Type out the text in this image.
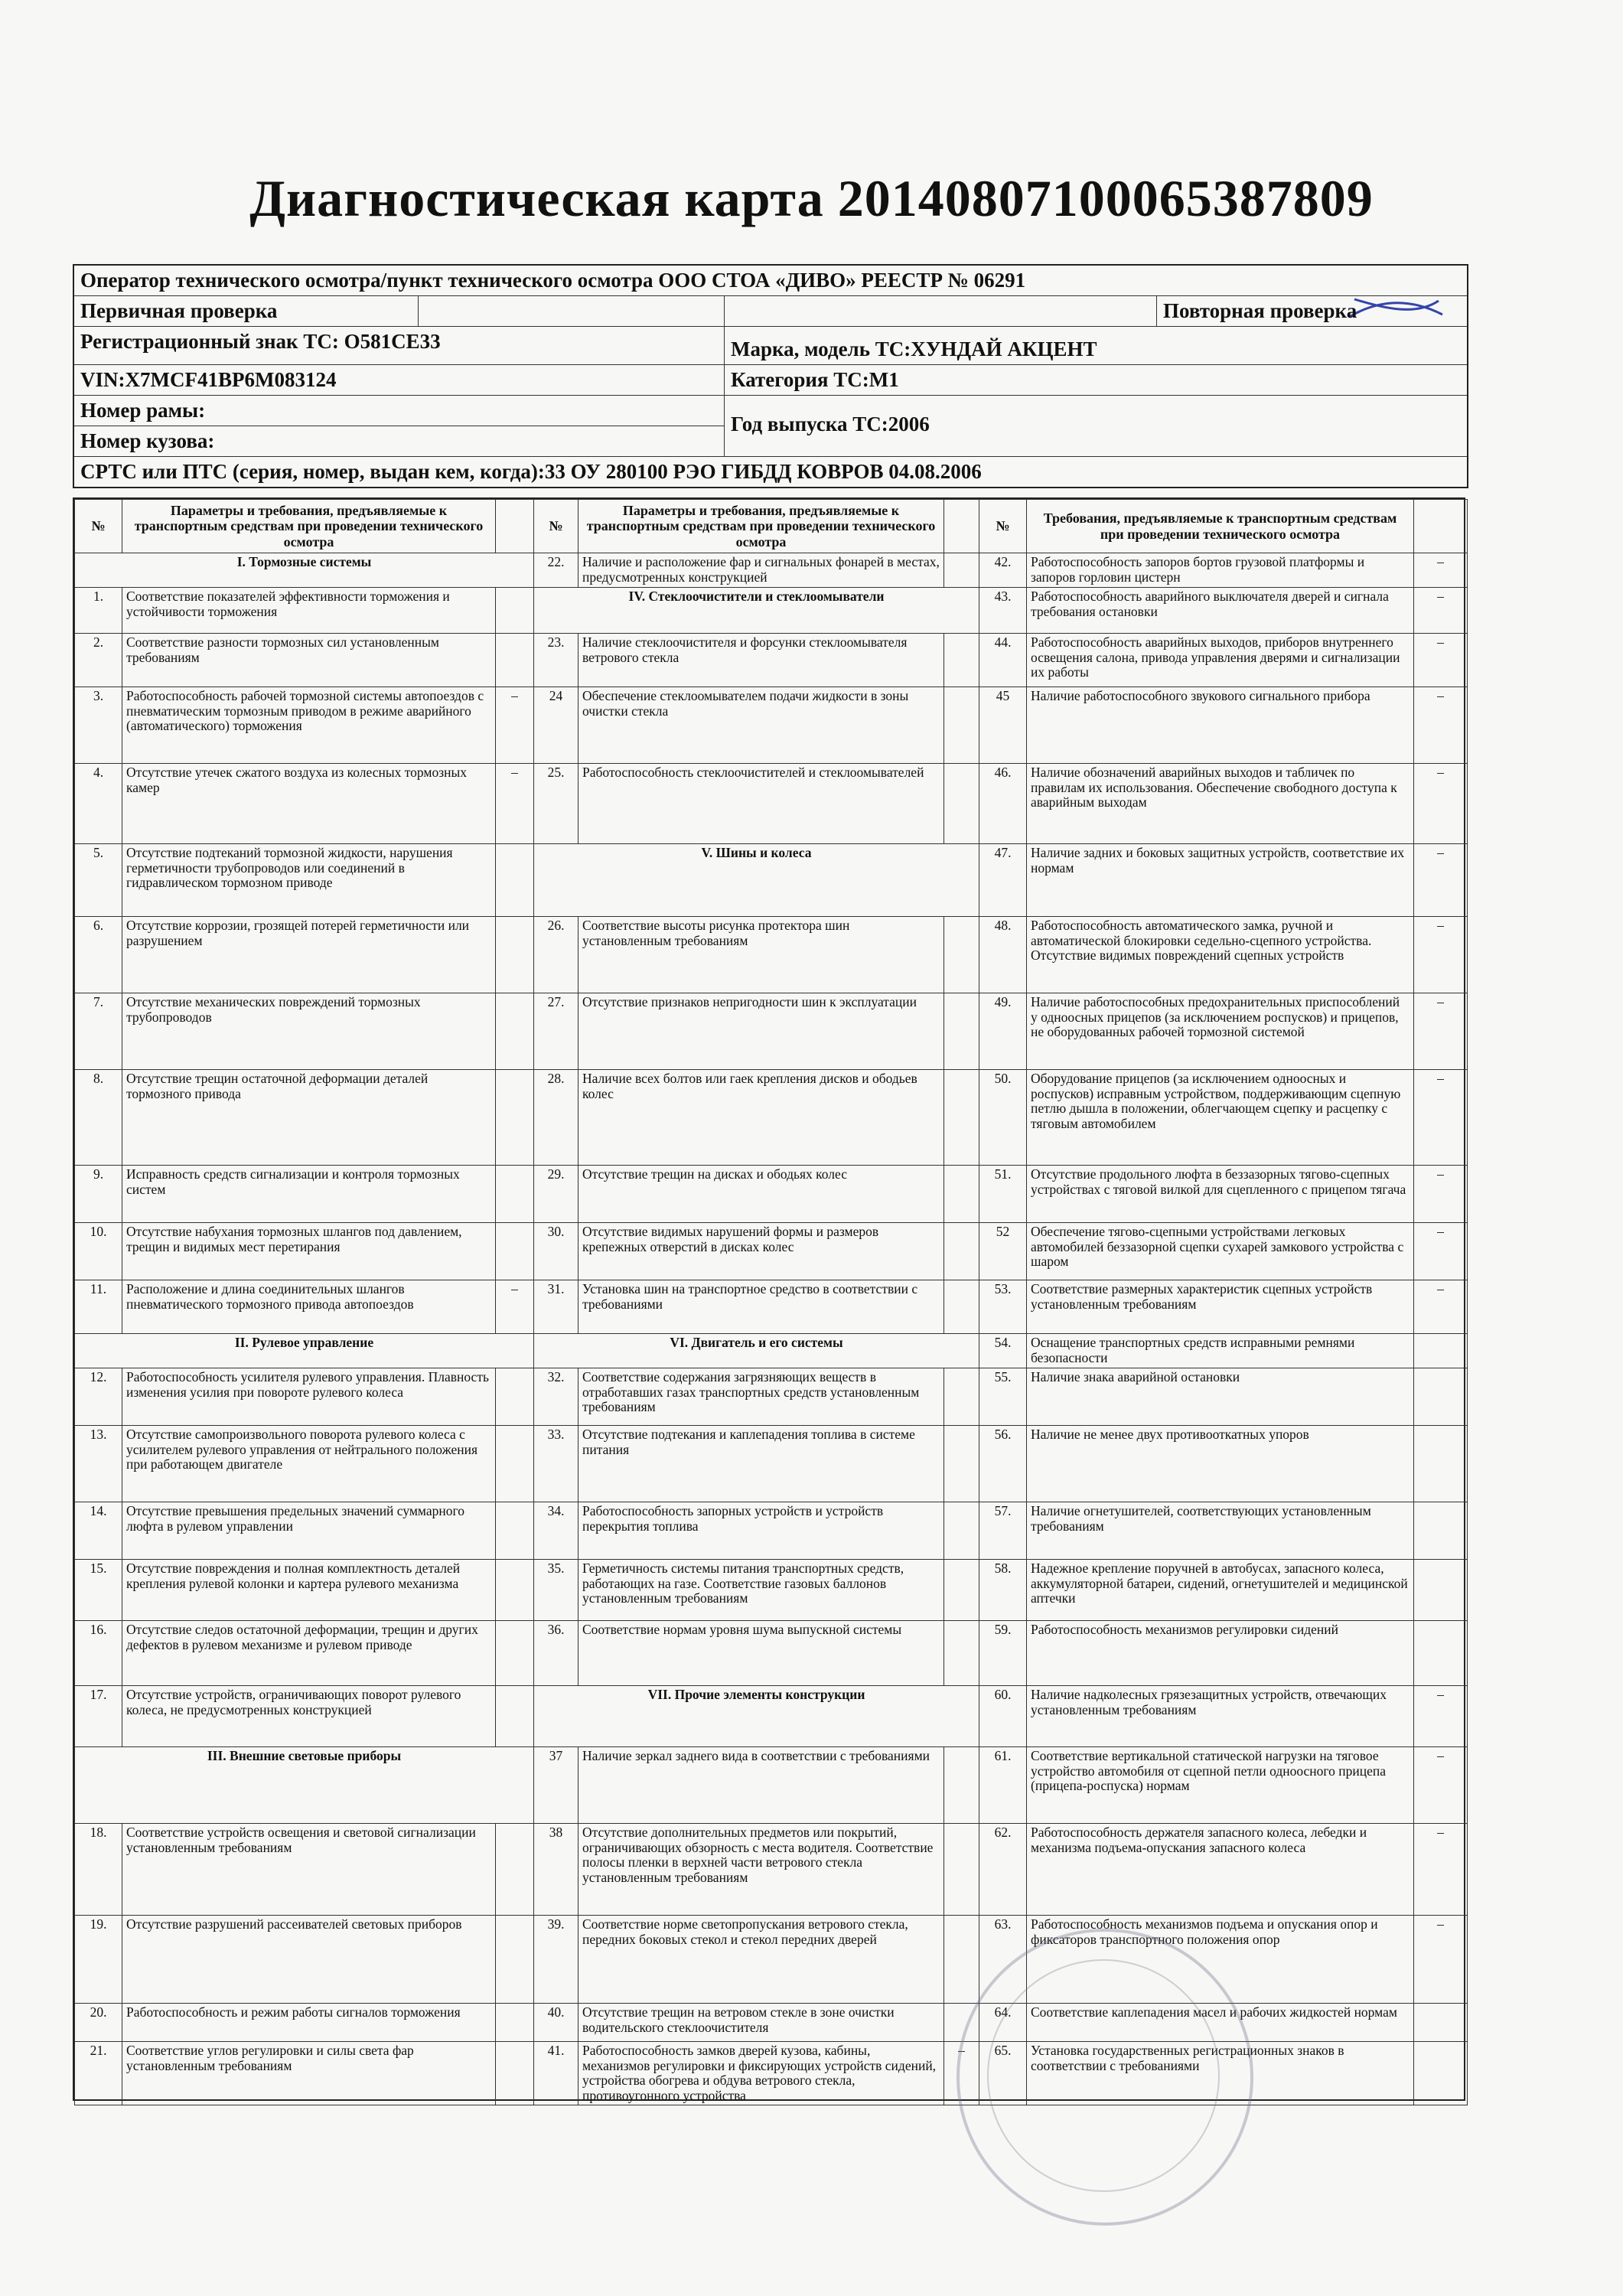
Диагностическая карта 20140807100065387809
Оператор технического осмотра/пункт технического осмотра ООО СТОА «ДИВО» РЕЕСТР № 06291
Первичная проверка	Повторная проверка
Регистрационный знак ТС: О581СЕ33	Марка, модель ТС:ХУНДАЙ АКЦЕНТ
VIN:X7MCF41BP6M083124	Категория ТС:М1
Номер рамы:
Номер кузова:
Год выпуска ТС:2006
СРТС или ПТС (серия, номер, выдан кем, когда):33 ОУ 280100 РЭО ГИБДД КОВРОВ 04.08.2006
№	Параметры и требования, предъявляемые к транспортным средствам при проведении технического осмотра		№	Параметры и требования, предъявляемые к транспортным средствам при проведении технического осмотра		№	Требования, предъявляемые к транспортным средствам при проведении технического осмотра	
I. Тормозные системы			22.	Наличие и расположение фар и сигнальных фонарей в местах, предусмотренных конструкцией		42.	Работоспособность запоров бортов грузовой платформы и запоров горловин цистерн	–
1.	Соответствие показателей эффективности торможения и устойчивости торможения		IV. Стеклоочистители и стеклоомыватели			43.	Работоспособность аварийного выключателя дверей и сигнала требования остановки	–
2.	Соответствие разности тормозных сил установленным требованиям		23.	Наличие стеклоочистителя и форсунки стеклоомывателя ветрового стекла		44.	Работоспособность аварийных выходов, приборов внутреннего освещения салона, привода управления дверями и сигнализации их работы	–
3.	Работоспособность рабочей тормозной системы автопоездов с пневматическим тормозным приводом в режиме аварийного (автоматического) торможения	–	24	Обеспечение стеклоомывателем подачи жидкости в зоны очистки стекла		45	Наличие работоспособного звукового сигнального прибора	–
4.	Отсутствие утечек сжатого воздуха из колесных тормозных камер	–	25.	Работоспособность стеклоочистителей и стеклоомывателей		46.	Наличие обозначений аварийных выходов и табличек по правилам их использования. Обеспечение свободного доступа к аварийным выходам	–
5.	Отсутствие подтеканий тормозной жидкости, нарушения герметичности трубопроводов или соединений в гидравлическом тормозном приводе		V. Шины и колеса			47.	Наличие задних и боковых защитных устройств, соответствие их нормам	–
6.	Отсутствие коррозии, грозящей потерей герметичности или разрушением		26.	Соответствие высоты рисунка протектора шин установленным требованиям		48.	Работоспособность автоматического замка, ручной и автоматической блокировки седельно-сцепного устройства. Отсутствие видимых повреждений сцепных устройств	–
7.	Отсутствие механических повреждений тормозных трубопроводов		27.	Отсутствие признаков непригодности шин к эксплуатации		49.	Наличие работоспособных предохранительных приспособлений у одноосных прицепов (за исключением роспусков) и прицепов, не оборудованных рабочей тормозной системой	–
8.	Отсутствие трещин остаточной деформации деталей тормозного привода		28.	Наличие всех болтов или гаек крепления дисков и ободьев колес		50.	Оборудование прицепов (за исключением одноосных и роспусков) исправным устройством, поддерживающим сцепную петлю дышла в положении, облегчающем сцепку и расцепку с тяговым автомобилем	–
9.	Исправность средств сигнализации и контроля тормозных систем		29.	Отсутствие трещин на дисках и ободьях колес		51.	Отсутствие продольного люфта в беззазорных тягово-сцепных устройствах с тяговой вилкой для сцепленного с прицепом тягача	–
10.	Отсутствие набухания тормозных шлангов под давлением, трещин и видимых мест перетирания		30.	Отсутствие видимых нарушений формы и размеров крепежных отверстий в дисках колес		52	Обеспечение тягово-сцепными устройствами легковых автомобилей беззазорной сцепки сухарей замкового устройства с шаром	–
11.	Расположение и длина соединительных шлангов пневматического тормозного привода автопоездов	–	31.	Установка шин на транспортное средство в соответствии с требованиями		53.	Соответствие размерных характеристик сцепных устройств установленным требованиям	–
II. Рулевое управление			VI. Двигатель и его системы			54.	Оснащение транспортных средств исправными ремнями безопасности	
12.	Работоспособность усилителя рулевого управления. Плавность изменения усилия при повороте рулевого колеса		32.	Соответствие содержания загрязняющих веществ в отработавших газах транспортных средств установленным требованиям		55.	Наличие знака аварийной остановки	
13.	Отсутствие самопроизвольного поворота рулевого колеса с усилителем рулевого управления от нейтрального положения при работающем двигателе		33.	Отсутствие подтекания и каплепадения топлива в системе питания		56.	Наличие не менее двух противооткатных упоров	
14.	Отсутствие превышения предельных значений суммарного люфта в рулевом управлении		34.	Работоспособность запорных устройств и устройств перекрытия топлива		57.	Наличие огнетушителей, соответствующих установленным требованиям	
15.	Отсутствие повреждения и полная комплектность деталей крепления рулевой колонки и картера рулевого механизма		35.	Герметичность системы питания транспортных средств, работающих на газе. Соответствие газовых баллонов установленным требованиям		58.	Надежное крепление поручней в автобусах, запасного колеса, аккумуляторной батареи, сидений, огнетушителей и медицинской аптечки	
16.	Отсутствие следов остаточной деформации, трещин и других дефектов в рулевом механизме и рулевом приводе		36.	Соответствие нормам уровня шума выпускной системы		59.	Работоспособность механизмов регулировки сидений	
17.	Отсутствие устройств, ограничивающих поворот рулевого колеса, не предусмотренных конструкцией		VII. Прочие элементы конструкции			60.	Наличие надколесных грязезащитных устройств, отвечающих установленным требованиям	–
III. Внешние световые приборы			37	Наличие зеркал заднего вида в соответствии с требованиями		61.	Соответствие вертикальной статической нагрузки на тяговое устройство автомобиля от сцепной петли одноосного прицепа (прицепа-роспуска) нормам	–
18.	Соответствие устройств освещения и световой сигнализации установленным требованиям		38	Отсутствие дополнительных предметов или покрытий, ограничивающих обзорность с места водителя. Соответствие полосы пленки в верхней части ветрового стекла установленным требованиям		62.	Работоспособность держателя запасного колеса, лебедки и механизма подъема-опускания запасного колеса	–
19.	Отсутствие разрушений рассеивателей световых приборов		39.	Соответствие норме светопропускания ветрового стекла, передних боковых стекол и стекол передних дверей		63.	Работоспособность механизмов подъема и опускания опор и фиксаторов транспортного положения опор	–
20.	Работоспособность и режим работы сигналов торможения		40.	Отсутствие трещин на ветровом стекле в зоне очистки водительского стеклоочистителя		64.	Соответствие каплепадения масел и рабочих жидкостей нормам	
21.	Соответствие углов регулировки и силы света фар установленным требованиям		41.	Работоспособность замков дверей кузова, кабины, механизмов регулировки и фиксирующих устройств сидений, устройства обогрева и обдува ветрового стекла, противоугонного устройства	–	65.	Установка государственных регистрационных знаков в соответствии с требованиями	
